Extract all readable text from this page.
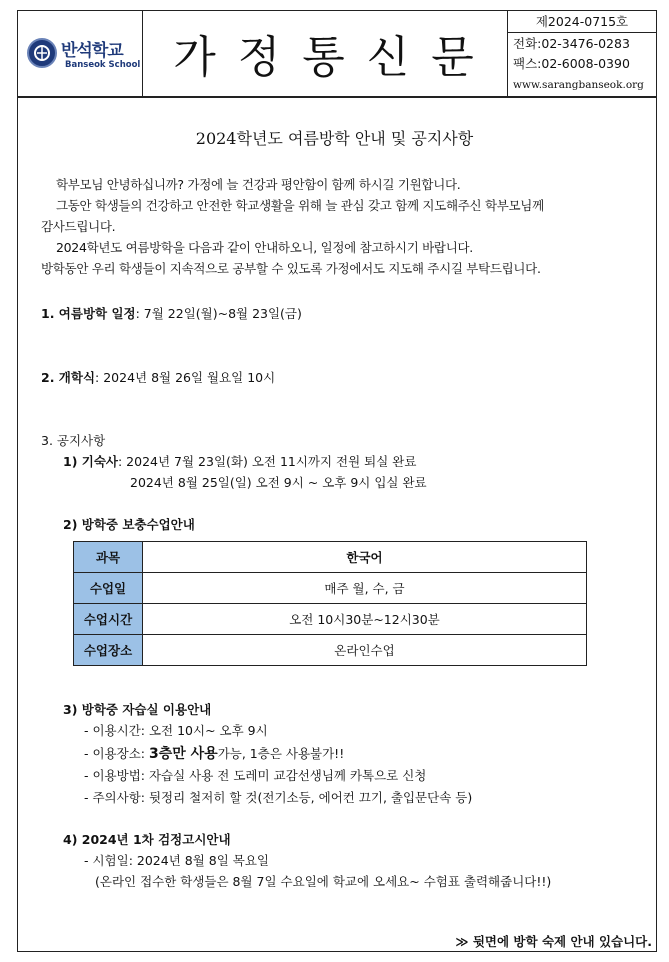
반석학교
Banseok School 가정통신문
제2024-0715호
전화:02-3476-0283
팩스:02-6008-0390
www.sarangbanseok.org
2024학년도 여름방학 안내 및 공지사항
학부모님 안녕하십니까? 가정에 늘 건강과 평안함이 함께 하시길 기원합니다.
그동안 학생들의 건강하고 안전한 학교생활을 위해 늘 관심 갖고 함께 지도해주신 학부모님께
감사드립니다.
2024학년도 여름방학을 다음과 같이 안내하오니, 일정에 참고하시기 바랍니다.
방학동안 우리 학생들이 지속적으로 공부할 수 있도록 가정에서도 지도해 주시길 부탁드립니다.
1. 여름방학 일정: 7월 22일(월)~8월 23일(금)
2. 개학식: 2024년 8월 26일 월요일 10시
3. 공지사항
1) 기숙사: 2024년 7월 23일(화) 오전 11시까지 전원 퇴실 완료
2024년 8월 25일(일) 오전 9시 ~ 오후 9시 입실 완료
2) 방학중 보충수업안내
과목	한국어
수업일	매주 월, 수, 금
수업시간	오전 10시30분~12시30분
수업장소	온라인수업
3) 방학중 자습실 이용안내
- 이용시간: 오전 10시~ 오후 9시
- 이용장소: 3층만 사용가능, 1층은 사용불가!!
- 이용방법: 자습실 사용 전 도레미 교감선생님께 카톡으로 신청
- 주의사항: 뒷정리 철저히 할 것(전기소등, 에어컨 끄기, 출입문단속 등)
4) 2024년 1차 검정고시안내
- 시험일: 2024년 8월 8일 목요일
(온라인 접수한 학생들은 8월 7일 수요일에 학교에 오세요~ 수험표 출력해줍니다!!)
≫ 뒷면에 방학 숙제 안내 있습니다.
